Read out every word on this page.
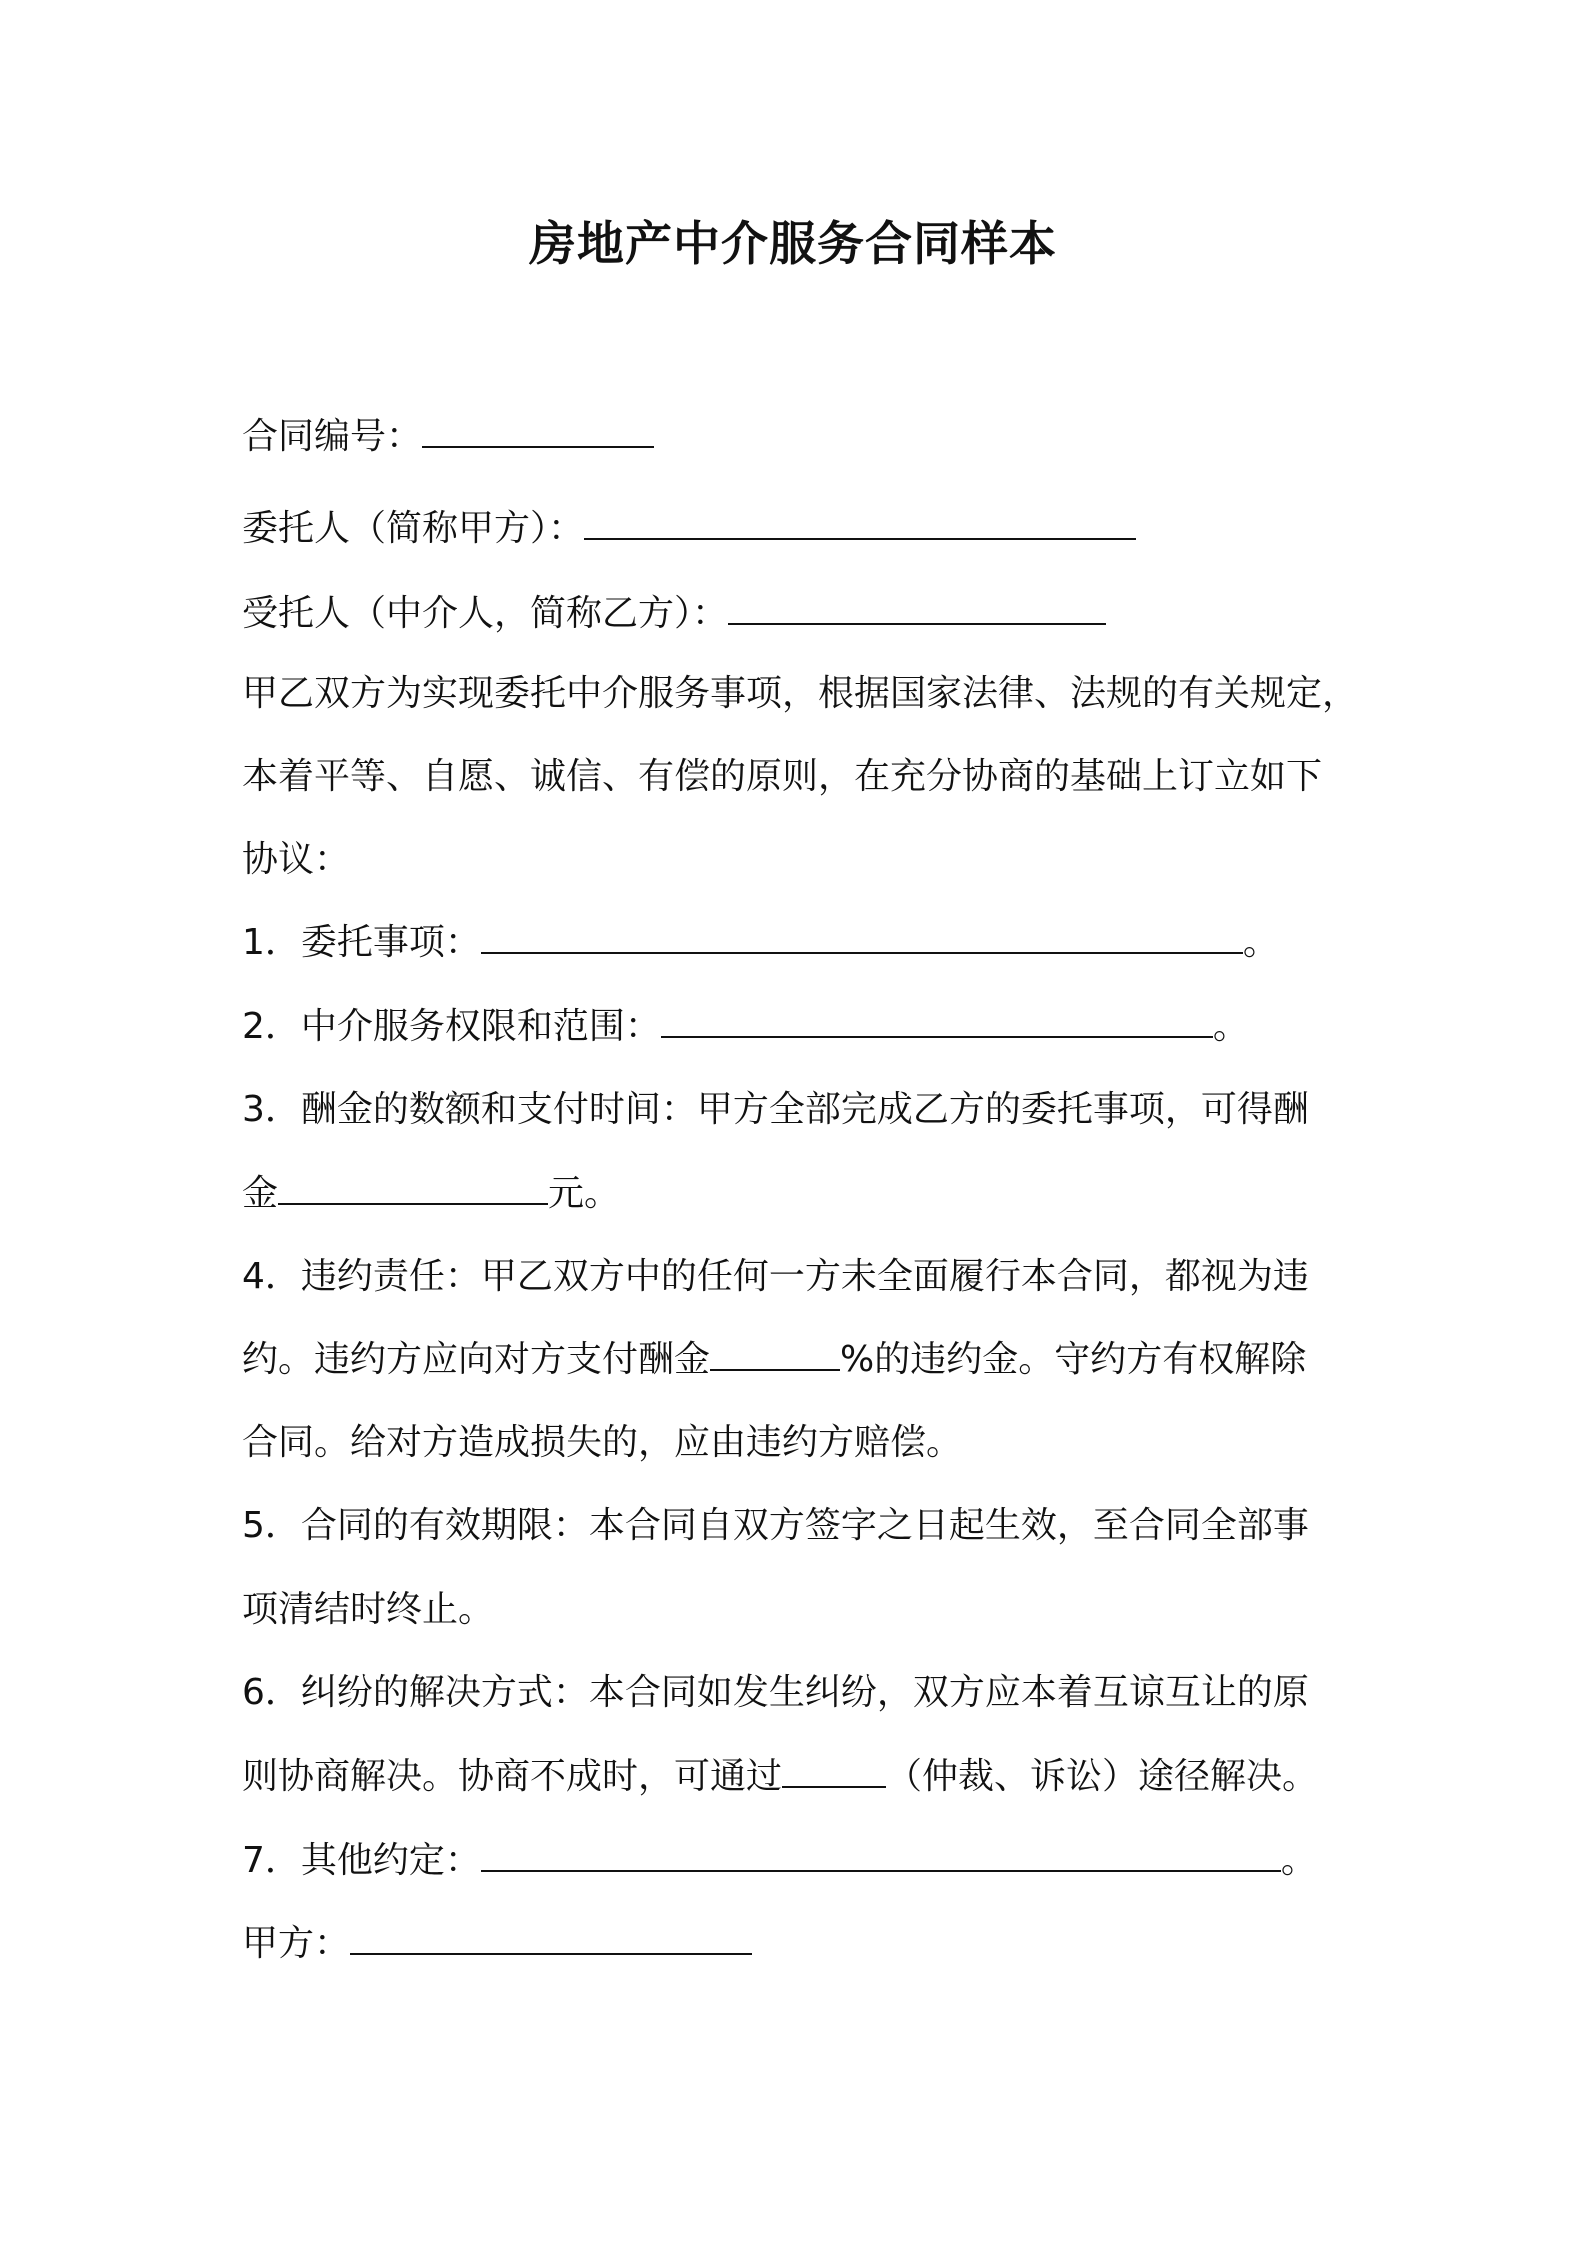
房地产中介服务合同样本
合同编号：
委托人（简称甲方）：
受托人（中介人，简称乙方）：
甲乙双方为实现委托中介服务事项，根据国家法律、法规的有关规定，
本着平等、自愿、诚信、有偿的原则，在充分协商的基础上订立如下
协议：
1．委托事项：	。
2．中介服务权限和范围：	。
3．酬金的数额和支付时间：甲方全部完成乙方的委托事项，可得酬
金	元。
4．违约责任：甲乙双方中的任何一方未全面履行本合同，都视为违
约。违约方应向对方支付酬金	%的违约金。守约方有权解除
合同。给对方造成损失的，应由违约方赔偿。
5．合同的有效期限：本合同自双方签字之日起生效，至合同全部事
项清结时终止。
6．纠纷的解决方式：本合同如发生纠纷，双方应本着互谅互让的原
则协商解决。协商不成时，可通过	（仲裁、诉讼）途径解决。
7．其他约定：	。
甲方：
